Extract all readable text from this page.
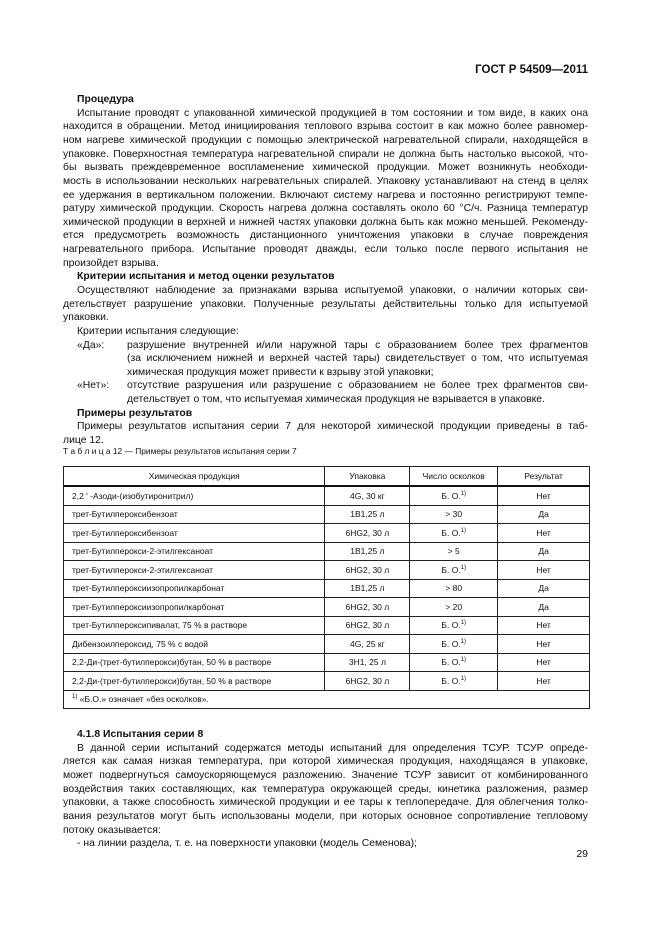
ГОСТ Р 54509—2011
Процедура
Испытание проводят с упакованной химической продукцией в том состоянии и том виде, в каких она
находится в обращении. Метод инициирования теплового взрыва состоит в как можно более равномер-
ном нагреве химической продукции с помощью электрической нагревательной спирали, находящейся в
упаковке. Поверхностная температура нагревательной спирали не должна быть настолько высокой, что-
бы вызвать преждевременное воспламенение химической продукции. Может возникнуть необходи-
мость в использовании нескольких нагревательных спиралей. Упаковку устанавливают на стенд в целях
ее удержания в вертикальном положении. Включают систему нагрева и постоянно регистрируют темпе-
ратуру химической продукции. Скорость нагрева должна составлять около 60 °С/ч. Разница температур
химической продукции в верхней и нижней частях упаковки должна быть как можно меньшей. Рекоменду-
ется предусмотреть возможность дистанционного уничтожения упаковки в случае повреждения
нагревательного прибора. Испытание проводят дважды, если только после первого испытания не
произойдет взрыва.
Критерии испытания и метод оценки результатов
Осуществляют наблюдение за признаками взрыва испытуемой упаковки, о наличии которых сви-
детельствует разрушение упаковки. Полученные результаты действительны только для испытуемой
упаковки.
Критерии испытания следующие:
«Да»:	разрушение внутренней и/или наружной тары с образованием более трех фрагментов
(за исключением нижней и верхней частей тары) свидетельствует о том, что испытуемая
химическая продукция может привести к взрыву этой упаковки;
«Нет»:	отсутствие разрушения или разрушение с образованием не более трех фрагментов сви-
детельствует о том, что испытуемая химическая продукция не взрывается в упаковке.
Примеры результатов
Примеры результатов испытания серии 7 для некоторой химической продукции приведены в таб-
лице 12.
Т а б л и ц а 12 — Примеры результатов испытания серии 7
Химическая продукция	Упаковка	Число осколков	Результат
2,2 ' -Азоди-(изобутиронитрил)	4G, 30 кг	Б. О.$^{1)}$	Нет
трет-Бутилпероксибензоат	1B1,25 л	> 30	Да
трет-Бутилпероксибензоат	6HG2, 30 л	Б. О.$^{1)}$	Нет
трет-Бутилперокси-2-этилгексаноат	1B1,25 л	> 5	Да
трет-Бутилперокси-2-этилгексаноат	6HG2, 30 л	Б. О.$^{1)}$	Нет
трет-Бутилпероксиизопропилкарбонат	1B1,25 л	> 80	Да
трет-Бутилпероксиизопропилкарбонат	6HG2, 30 л	> 20	Да
трет-Бутилпероксипивалат, 75 % в растворе	6HG2, 30 л	Б. О.$^{1)}$	Нет
Дибензоилпероксид, 75 % с водой	4G, 25 кг	Б. О.$^{1)}$	Нет
2,2-Ди-(трет-бутилперокси)бутан, 50 % в растворе	3H1, 25 л	Б. О.$^{1)}$	Нет
2,2-Ди-(трет-бутилперокси)бутан, 50 % в растворе	6HG2, 30 л	Б. О.$^{1)}$	Нет
$^{1)}$ «Б.О.» означает «без осколков».			
4.1.8 Испытания серии 8
В данной серии испытаний содержатся методы испытаний для определения ТСУР. ТСУР опреде-
ляется как самая низкая температура, при которой химическая продукция, находящаяся в упаковке,
может подвергнуться самоускоряющемуся разложению. Значение ТСУР зависит от комбинированного
воздействия таких составляющих, как температура окружающей среды, кинетика разложения, размер
упаковки, а также способность химической продукции и ее тары к теплопередаче. Для облегчения толко-
вания результатов могут быть использованы модели, при которых основное сопротивление тепловому
потоку оказывается:
- на линии раздела, т. е. на поверхности упаковки (модель Семенова);
29
